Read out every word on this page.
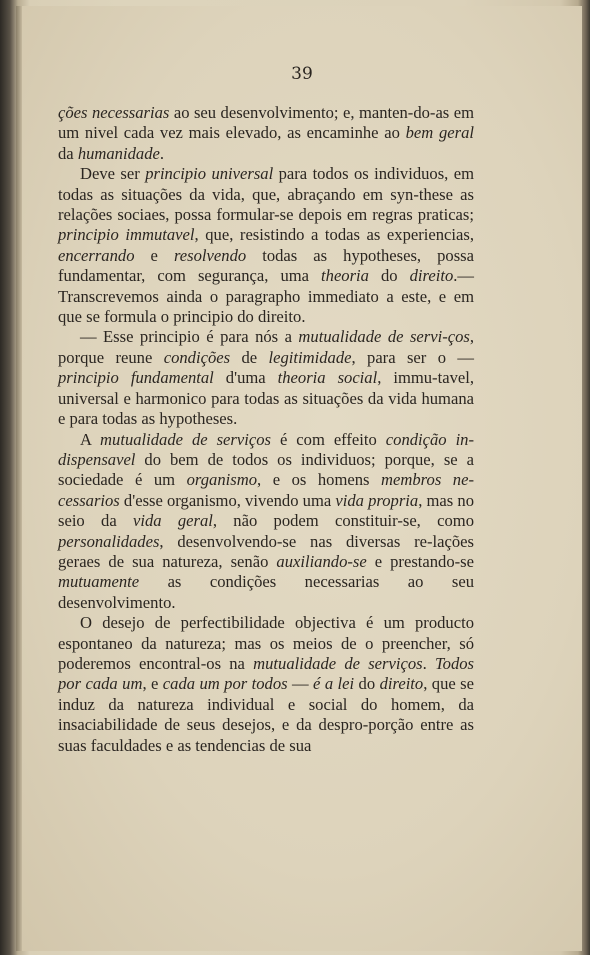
39

ções necessarias ao seu desenvolvimento; e, manten-do-as em um nivel cada vez mais elevado, as encaminhe ao bem geral da humanidade.

Deve ser principio universal para todos os individuos, em todas as situações da vida, que, abraçando em syn-these as relações sociaes, possa formular-se depois em regras praticas; principio immutavel, que, resistindo a todas as experiencias, encerrando e resolvendo todas as hypotheses, possa fundamentar, com segurança, uma theoria do direito.—Transcrevemos ainda o paragrapho immediato a este, e em que se formula o principio do direito.

— Esse principio é para nós a mutualidade de servi-ços, porque reune condições de legitimidade, para ser o — principio fundamental d'uma theoria social, immu-tavel, universal e harmonico para todas as situações da vida humana e para todas as hypotheses.

A mutualidade de serviços é com effeito condição in-dispensavel do bem de todos os individuos; porque, se a sociedade é um organismo, e os homens membros ne-cessarios d'esse organismo, vivendo uma vida propria, mas no seio da vida geral, não podem constituir-se, como personalidades, desenvolvendo-se nas diversas re-lações geraes de sua natureza, senão auxiliando-se e prestando-se mutuamente as condições necessarias ao seu desenvolvimento.

O desejo de perfectibilidade objectiva é um producto espontaneo da natureza; mas os meios de o preencher, só poderemos encontral-os na mutualidade de serviços. Todos por cada um, e cada um por todos — é a lei do direito, que se induz da natureza individual e social do homem, da insaciabilidade de seus desejos, e da despro-porção entre as suas faculdades e as tendencias de sua
